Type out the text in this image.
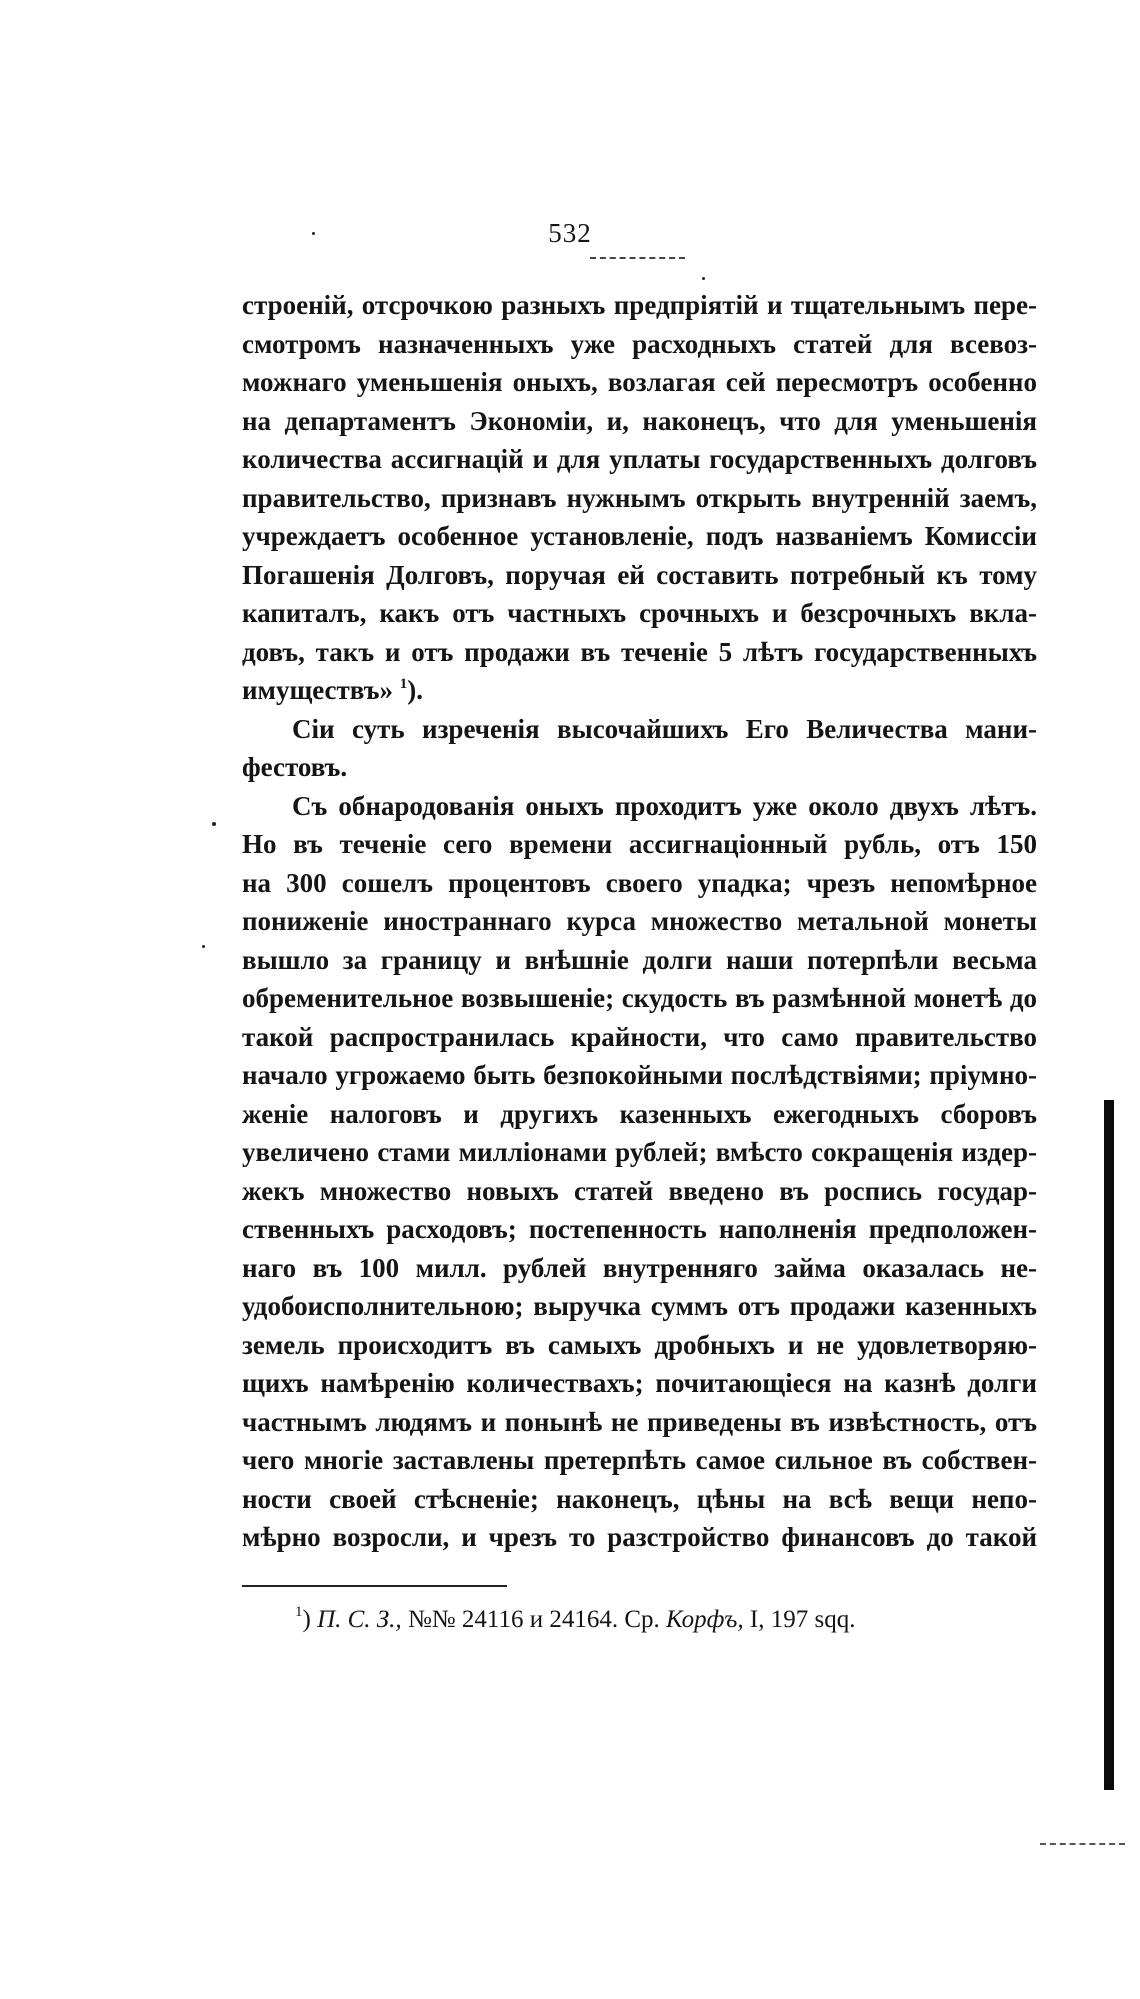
532
строеній, отсрочкою разныхъ предпріятій и тщательнымъ пере-
смотромъ назначенныхъ уже расходныхъ статей для всевоз-
можнаго уменьшенія оныхъ, возлагая сей пересмотръ особенно
на департаментъ Экономіи, и, наконецъ, что для уменьшенія
количества ассигнацій и для уплаты государственныхъ долговъ
правительство, признавъ нужнымъ открыть внутренній заемъ,
учреждаетъ особенное установленіе, подъ названіемъ Комиссіи
Погашенія Долговъ, поручая ей составить потребный къ тому
капиталъ, какъ отъ частныхъ срочныхъ и безсрочныхъ вкла-
довъ, такъ и отъ продажи въ теченіе 5 лѣтъ государственныхъ
имуществъ» $^1$).
Сіи суть изреченія высочайшихъ Его Величества мани-
фестовъ.
Съ обнародованія оныхъ проходитъ уже около двухъ лѣтъ.
Но въ теченіе сего времени ассигнаціонный рубль, отъ 150
на 300 сошелъ процентовъ своего упадка; чрезъ непомѣрное
пониженіе иностраннаго курса множество метальной монеты
вышло за границу и внѣшніе долги наши потерпѣли весьма
обременительное возвышеніе; скудость въ размѣнной монетѣ до
такой распространилась крайности, что само правительство
начало угрожаемо быть безпокойными послѣдствіями; пріумно-
женіе налоговъ и другихъ казенныхъ ежегодныхъ сборовъ
увеличено стами милліонами рублей; вмѣсто сокращенія издер-
жекъ множество новыхъ статей введено въ роспись государ-
ственныхъ расходовъ; постепенность наполненія предположен-
наго въ 100 милл. рублей внутренняго займа оказалась не-
удобоисполнительною; выручка суммъ отъ продажи казенныхъ
земель происходитъ въ самыхъ дробныхъ и не удовлетворяю-
щихъ намѣренію количествахъ; почитающіеся на казнѣ долги
частнымъ людямъ и понынѣ не приведены въ извѣстность, отъ
чего многіе заставлены претерпѣть самое сильное въ собствен-
ности своей стѣсненіе; наконецъ, цѣны на всѣ вещи непо-
мѣрно возросли, и чрезъ то разстройство финансовъ до такой
$^1$) П. С. З., №№ 24116 и 24164. Ср. Корфъ, I, 197 sqq.
